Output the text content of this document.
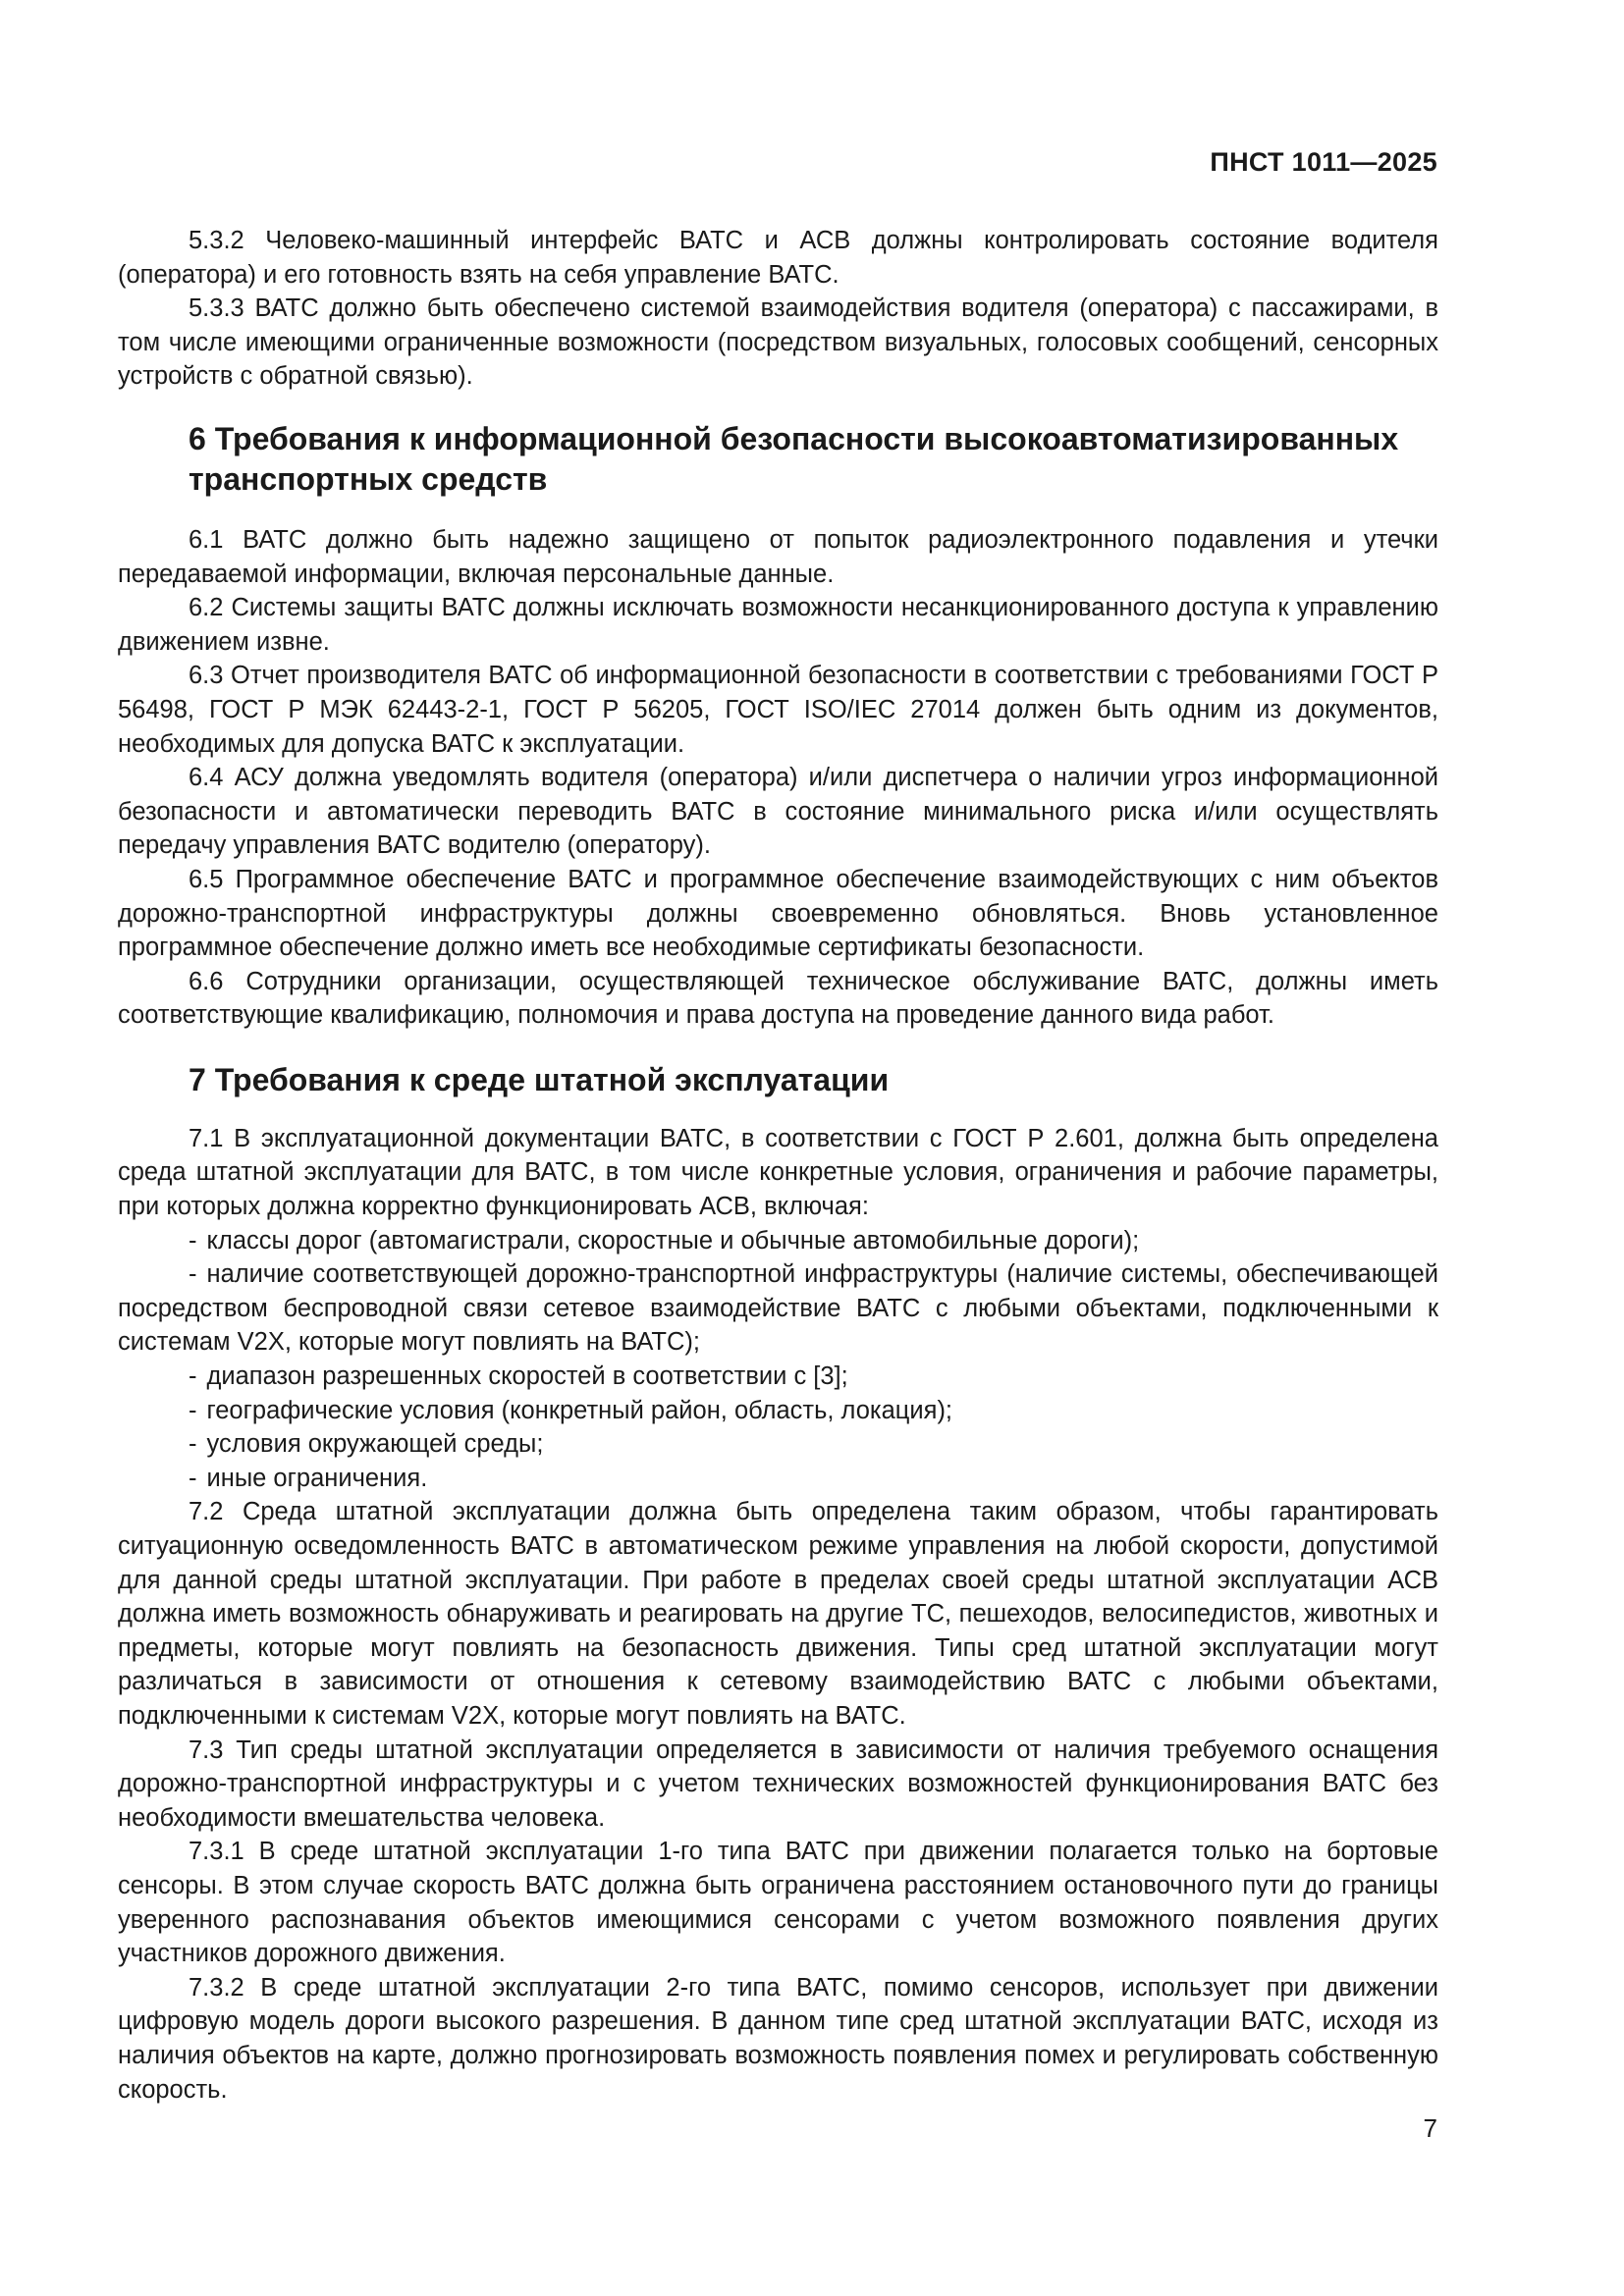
ПНСТ 1011—2025

5.3.2 Человеко-машинный интерфейс ВАТС и АСВ должны контролировать состояние водителя (оператора) и его готовность взять на себя управление ВАТС.

5.3.3 ВАТС должно быть обеспечено системой взаимодействия водителя (оператора) с пассажирами, в том числе имеющими ограниченные возможности (посредством визуальных, голосовых сообщений, сенсорных устройств с обратной связью).

6 Требования к информационной безопасности высокоавтоматизированных транспортных средств

6.1 ВАТС должно быть надежно защищено от попыток радиоэлектронного подавления и утечки передаваемой информации, включая персональные данные.

6.2 Системы защиты ВАТС должны исключать возможности несанкционированного доступа к управлению движением извне.

6.3 Отчет производителя ВАТС об информационной безопасности в соответствии с требованиями ГОСТ Р 56498, ГОСТ Р МЭК 62443-2-1, ГОСТ Р 56205, ГОСТ ISO/IEC 27014 должен быть одним из документов, необходимых для допуска ВАТС к эксплуатации.

6.4 АСУ должна уведомлять водителя (оператора) и/или диспетчера о наличии угроз информационной безопасности и автоматически переводить ВАТС в состояние минимального риска и/или осуществлять передачу управления ВАТС водителю (оператору).

6.5 Программное обеспечение ВАТС и программное обеспечение взаимодействующих с ним объектов дорожно-транспортной инфраструктуры должны своевременно обновляться. Вновь установленное программное обеспечение должно иметь все необходимые сертификаты безопасности.

6.6 Сотрудники организации, осуществляющей техническое обслуживание ВАТС, должны иметь соответствующие квалификацию, полномочия и права доступа на проведение данного вида работ.

7 Требования к среде штатной эксплуатации

7.1 В эксплуатационной документации ВАТС, в соответствии с ГОСТ Р 2.601, должна быть определена среда штатной эксплуатации для ВАТС, в том числе конкретные условия, ограничения и рабочие параметры, при которых должна корректно функционировать АСВ, включая:

- классы дорог (автомагистрали, скоростные и обычные автомобильные дороги);

- наличие соответствующей дорожно-транспортной инфраструктуры (наличие системы, обеспечивающей посредством беспроводной связи сетевое взаимодействие ВАТС с любыми объектами, подключенными к системам V2X, которые могут повлиять на ВАТС);

- диапазон разрешенных скоростей в соответствии с [3];

- географические условия (конкретный район, область, локация);

- условия окружающей среды;

- иные ограничения.

7.2 Среда штатной эксплуатации должна быть определена таким образом, чтобы гарантировать ситуационную осведомленность ВАТС в автоматическом режиме управления на любой скорости, допустимой для данной среды штатной эксплуатации. При работе в пределах своей среды штатной эксплуатации АСВ должна иметь возможность обнаруживать и реагировать на другие ТС, пешеходов, велосипедистов, животных и предметы, которые могут повлиять на безопасность движения. Типы сред штатной эксплуатации могут различаться в зависимости от отношения к сетевому взаимодействию ВАТС с любыми объектами, подключенными к системам V2X, которые могут повлиять на ВАТС.

7.3 Тип среды штатной эксплуатации определяется в зависимости от наличия требуемого оснащения дорожно-транспортной инфраструктуры и с учетом технических возможностей функционирования ВАТС без необходимости вмешательства человека.

7.3.1 В среде штатной эксплуатации 1-го типа ВАТС при движении полагается только на бортовые сенсоры. В этом случае скорость ВАТС должна быть ограничена расстоянием остановочного пути до границы уверенного распознавания объектов имеющимися сенсорами с учетом возможного появления других участников дорожного движения.

7.3.2 В среде штатной эксплуатации 2-го типа ВАТС, помимо сенсоров, использует при движении цифровую модель дороги высокого разрешения. В данном типе сред штатной эксплуатации ВАТС, исходя из наличия объектов на карте, должно прогнозировать возможность появления помех и регулировать собственную скорость.

7
